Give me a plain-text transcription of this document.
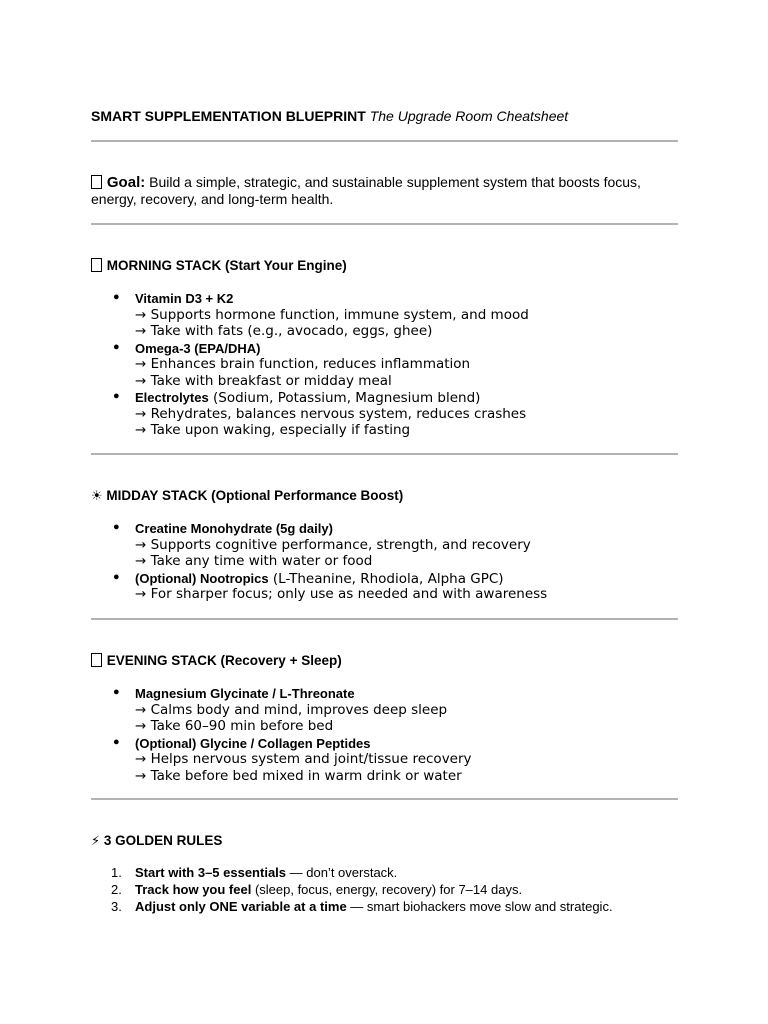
SMART SUPPLEMENTATION BLUEPRINT The Upgrade Room Cheatsheet
Goal: Build a simple, strategic, and sustainable supplement system that boosts focus, energy, recovery, and long-term health.
MORNING STACK (Start Your Engine)
● Vitamin D3 + K2
→ Supports hormone function, immune system, and mood
→ Take with fats (e.g., avocado, eggs, ghee)
● Omega-3 (EPA/DHA)
→ Enhances brain function, reduces inflammation
→ Take with breakfast or midday meal
● Electrolytes (Sodium, Potassium, Magnesium blend)
→ Rehydrates, balances nervous system, reduces crashes
→ Take upon waking, especially if fasting
☀ MIDDAY STACK (Optional Performance Boost)
● Creatine Monohydrate (5g daily)
→ Supports cognitive performance, strength, and recovery
→ Take any time with water or food
● (Optional) Nootropics (L-Theanine, Rhodiola, Alpha GPC)
→ For sharper focus; only use as needed and with awareness
EVENING STACK (Recovery + Sleep)
● Magnesium Glycinate / L-Threonate
→ Calms body and mind, improves deep sleep
→ Take 60–90 min before bed
● (Optional) Glycine / Collagen Peptides
→ Helps nervous system and joint/tissue recovery
→ Take before bed mixed in warm drink or water
⚡ 3 GOLDEN RULES
1. Start with 3–5 essentials — don’t overstack.
2. Track how you feel (sleep, focus, energy, recovery) for 7–14 days.
3. Adjust only ONE variable at a time — smart biohackers move slow and strategic.
